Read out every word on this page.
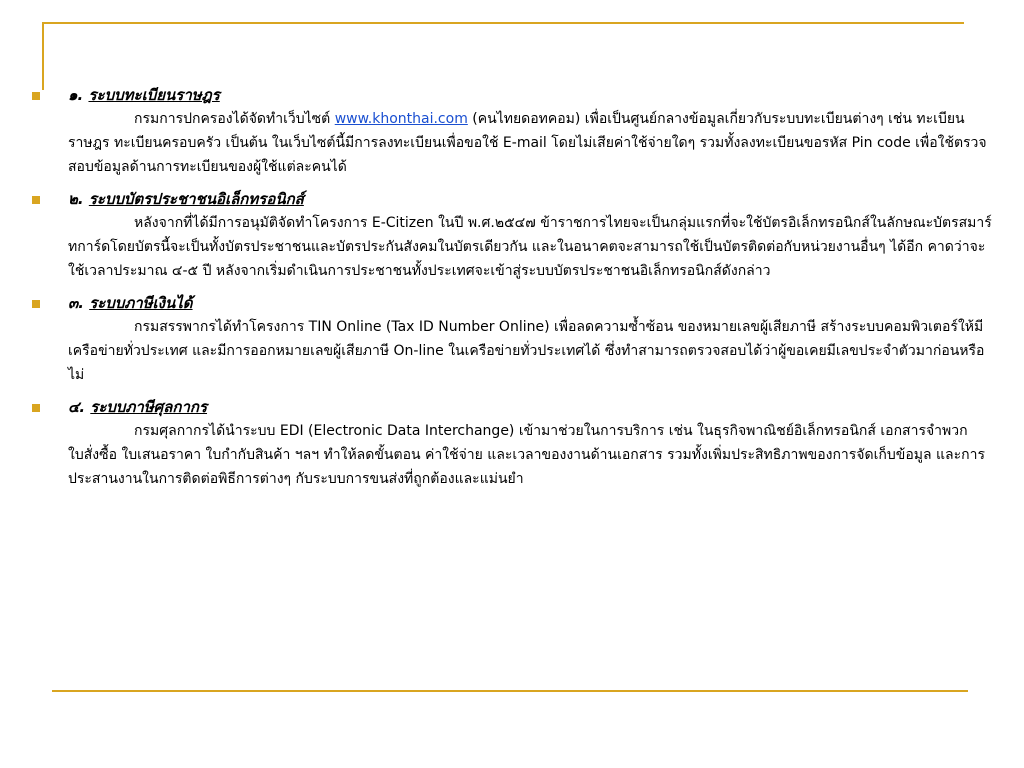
๑. ระบบทะเบียนราษฎร
กรมการปกครองได้จัดทำเว็บไซต์ www.khonthai.com (คนไทยดอทคอม) เพื่อเป็นศูนย์กลางข้อมูลเกี่ยวกับระบบทะเบียนต่างๆ เช่น ทะเบียนราษฎร ทะเบียนครอบครัว เป็นต้น ในเว็บไซต์นี้มีการลงทะเบียนเพื่อขอใช้ E-mail โดยไม่เสียค่าใช้จ่ายใดๆ รวมทั้งลงทะเบียนขอรหัส Pin code เพื่อใช้ตรวจสอบข้อมูลด้านการทะเบียนของผู้ใช้แต่ละคนได้
๒. ระบบบัตรประชาชนอิเล็กทรอนิกส์
หลังจากที่ได้มีการอนุมัติจัดทำโครงการ E-Citizen ในปี พ.ศ.๒๕๔๗ ข้าราชการไทยจะเป็นกลุ่มแรกที่จะใช้บัตรอิเล็กทรอนิกส์ในลักษณะบัตรสมาร์ทการ์ดโดยบัตรนี้จะเป็นทั้งบัตรประชาชนและบัตรประกันสังคมในบัตรเดียวกัน และในอนาคตจะสามารถใช้เป็นบัตรติดต่อกับหน่วยงานอื่นๆ ได้อีก คาดว่าจะใช้เวลาประมาณ ๔-๕ ปี หลังจากเริ่มดำเนินการประชาชนทั้งประเทศจะเข้าสู่ระบบบัตรประชาชนอิเล็กทรอนิกส์ดังกล่าว
๓. ระบบภาษีเงินได้
กรมสรรพากรได้ทำโครงการ TIN Online (Tax ID Number Online) เพื่อลดความซ้ำซ้อน ของหมายเลขผู้เสียภาษี สร้างระบบคอมพิวเตอร์ให้มีเครือข่ายทั่วประเทศ และมีการออกหมายเลขผู้เสียภาษี On-line ในเครือข่ายทั่วประเทศได้ ซึ่งทำสามารถตรวจสอบได้ว่าผู้ขอเคยมีเลขประจำตัวมาก่อนหรือไม่
๔. ระบบภาษีศุลกากร
กรมศุลกากรได้นำระบบ EDI (Electronic Data Interchange) เข้ามาช่วยในการบริการ เช่น ในธุรกิจพาณิชย์อิเล็กทรอนิกส์ เอกสารจำพวกใบสั่งซื้อ ใบเสนอราคา ใบกำกับสินค้า ฯลฯ ทำให้ลดขั้นตอน ค่าใช้จ่าย และเวลาของงานด้านเอกสาร รวมทั้งเพิ่มประสิทธิภาพของการจัดเก็บข้อมูล และการประสานงานในการติดต่อพิธีการต่างๆ กับระบบการขนส่งที่ถูกต้องและแม่นยำ
